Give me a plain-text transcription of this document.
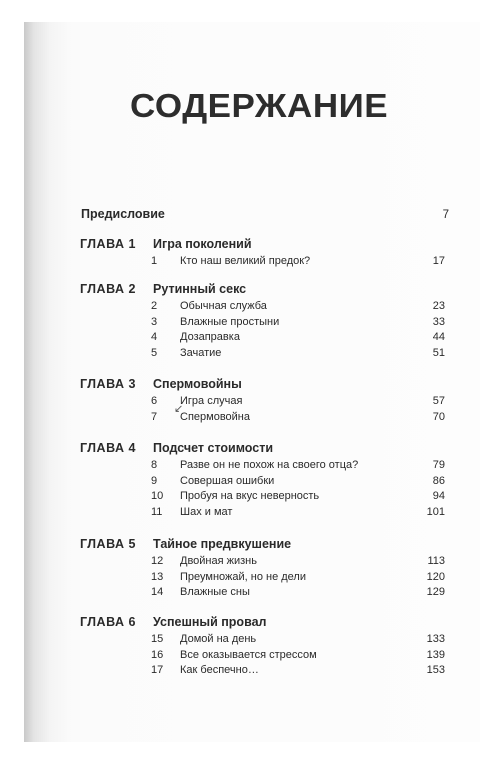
СОДЕРЖАНИЕ
Предисловие	7
ГЛАВА 1 Игра поколений
1 Кто наш великий предок?	17
ГЛАВА 2 Рутинный секс
2 Обычная служба	23
3 Влажные простыни	33
4 Дозаправка	44
5 Зачатие	51
ГЛАВА 3 Спермовойны
6 Игра случая	57
7 Спермовойна	70
ГЛАВА 4 Подсчет стоимости
8 Разве он не похож на своего отца?	79
9 Совершая ошибки	86
10 Пробуя на вкус неверность	94
11 Шах и мат	101
ГЛАВА 5 Тайное предвкушение
12 Двойная жизнь	113
13 Преумножай, но не дели	120
14 Влажные сны	129
ГЛАВА 6 Успешный провал
15 Домой на день	133
16 Все оказывается стрессом	139
17 Как беспечно…	153
↙
